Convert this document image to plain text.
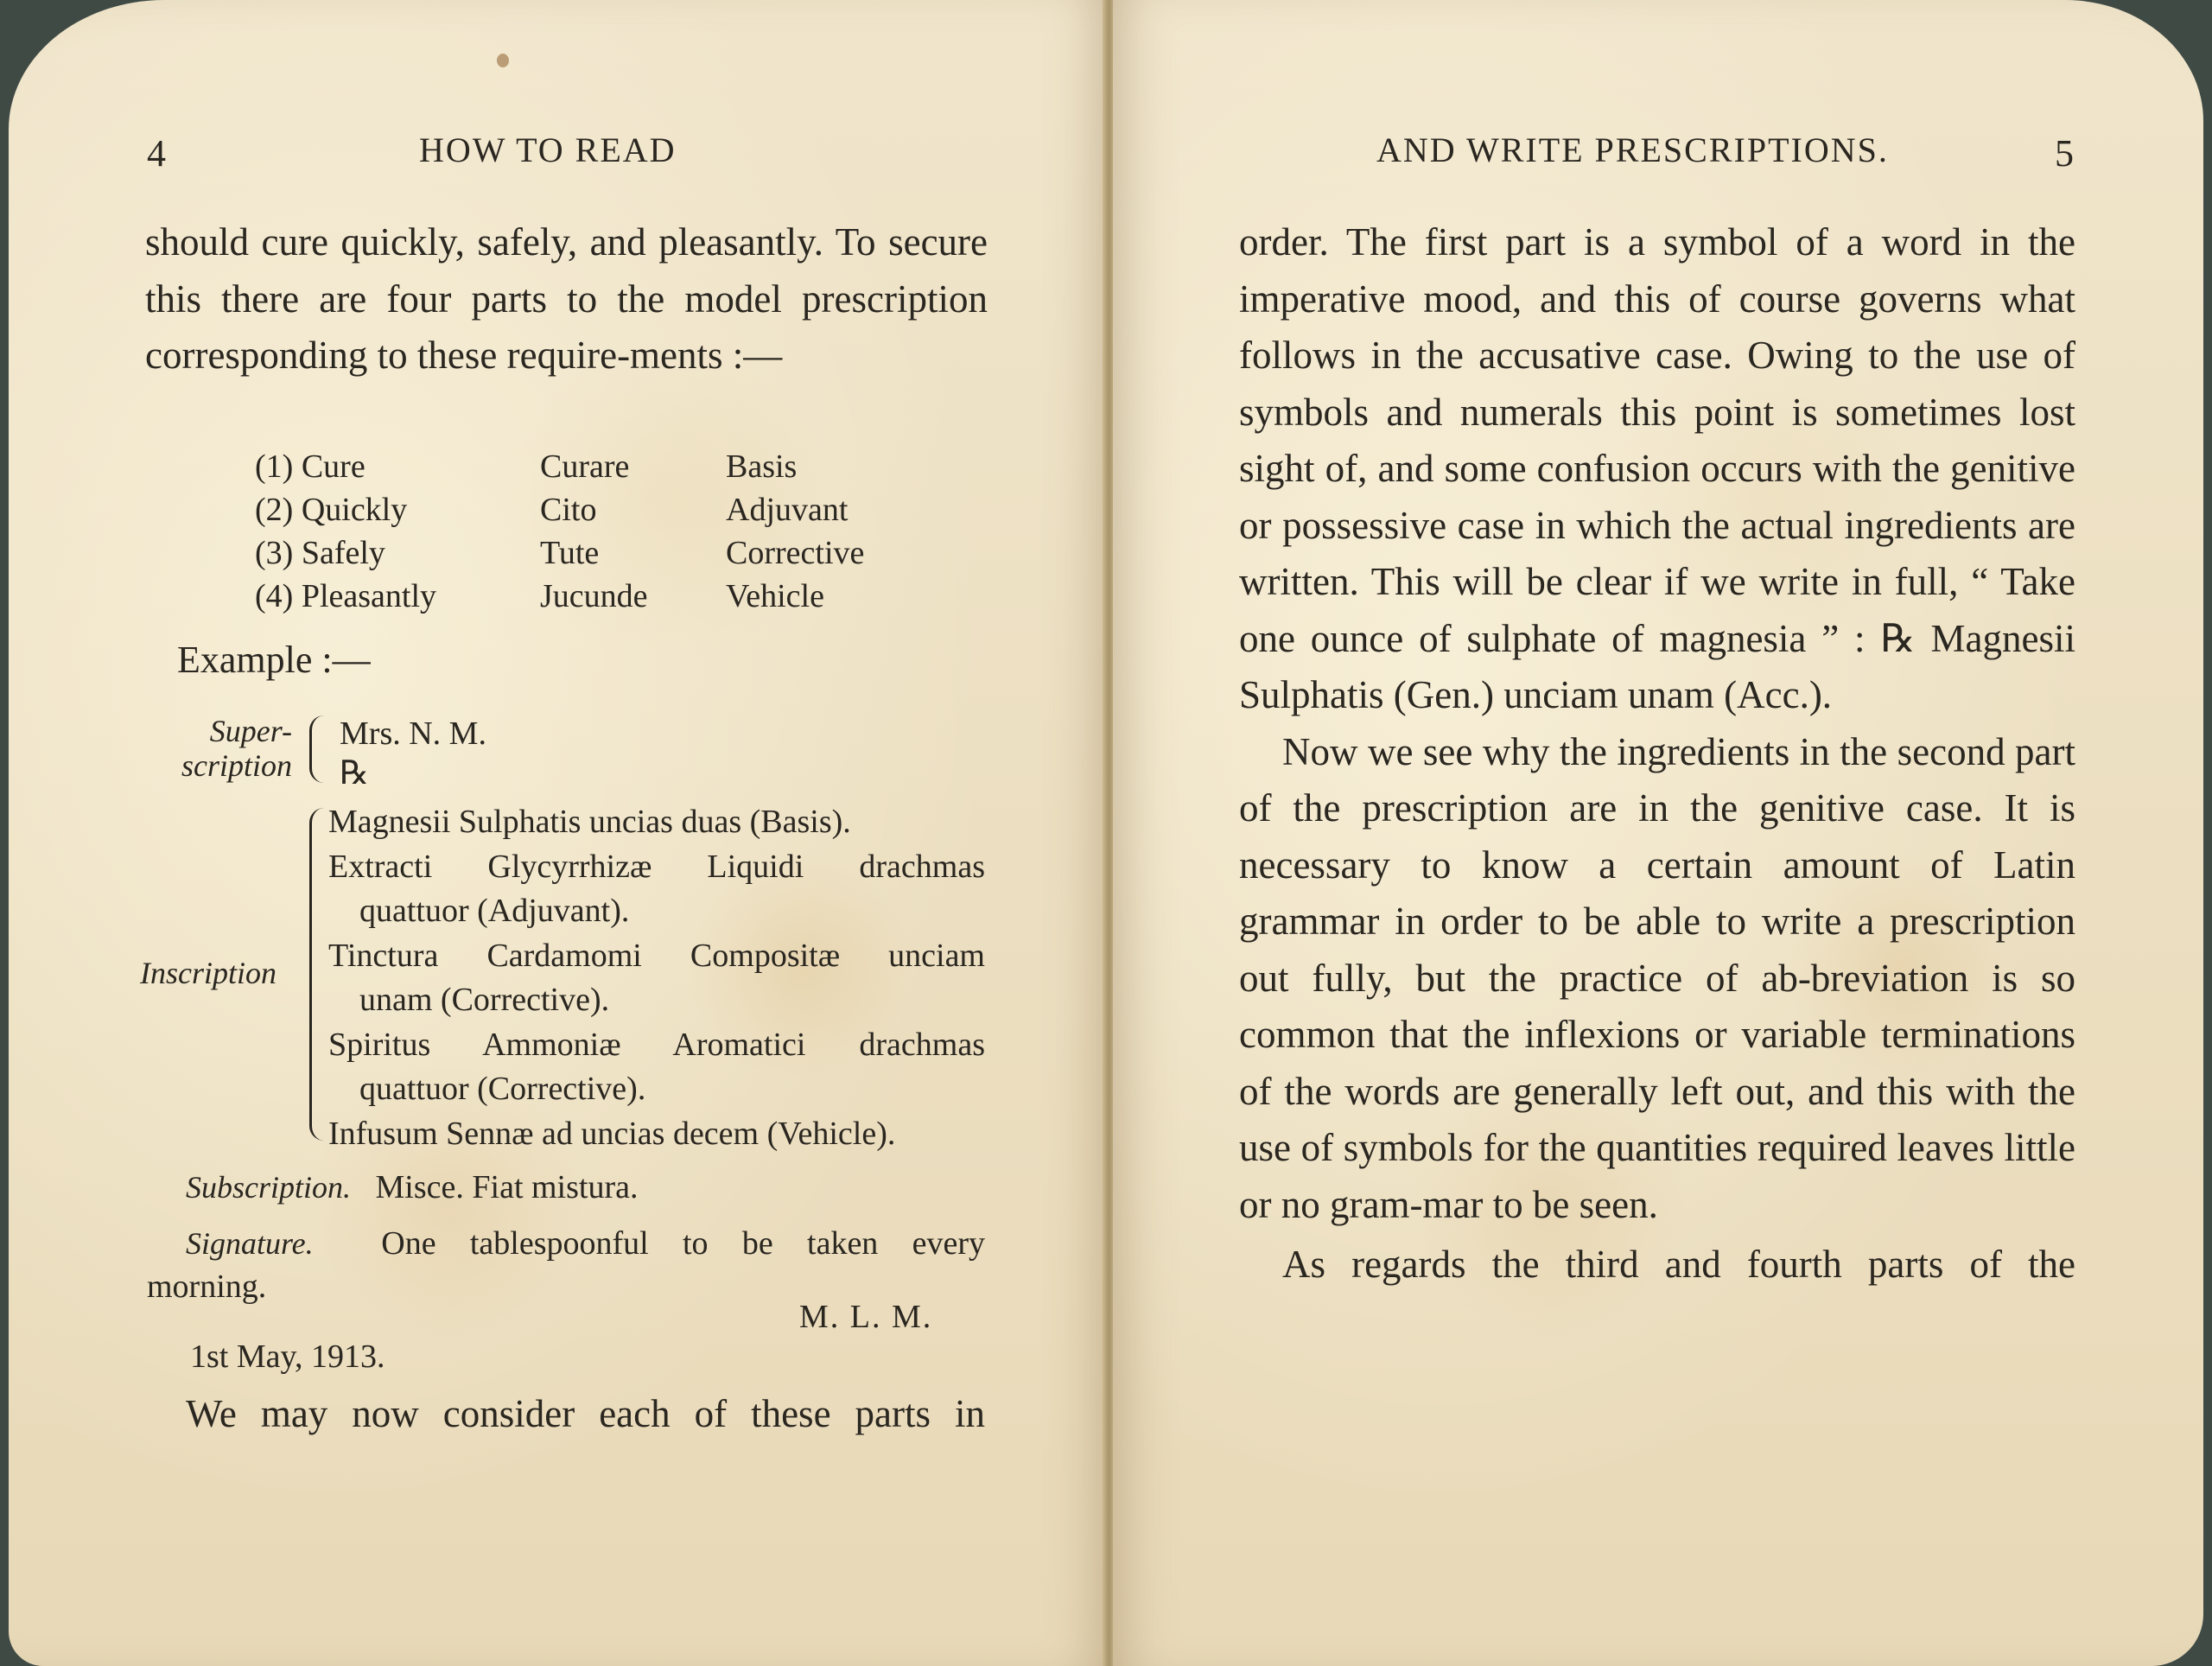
4	HOW TO READ

should cure quickly, safely, and pleasantly. To secure this there are four parts to the model prescription corresponding to these require-ments :—

(1) Cure	Curare	Basis
(2) Quickly	Cito	Adjuvant
(3) Safely	Tute	Corrective
(4) Pleasantly	Jucunde	Vehicle
Example :—
Super-
scription
Mrs. N. M.
℞
Inscription
Magnesii Sulphatis uncias duas (Basis).
Extracti Glycyrrhizæ Liquidi drachmas
quattuor (Adjuvant).
Tinctura Cardamomi Compositæ unciam
unam (Corrective).
Spiritus Ammoniæ Aromatici drachmas
quattuor (Corrective).
Infusum Sennæ ad uncias decem (Vehicle).
Subscription. Misce. Fiat mistura.
Signature. One tablespoonful to be taken every
morning.
M. L. M.
1st May, 1913.
We may now consider each of these parts in
AND WRITE PRESCRIPTIONS.	5

order. The first part is a symbol of a word in the imperative mood, and this of course governs what follows in the accusative case. Owing to the use of symbols and numerals this point is sometimes lost sight of, and some confusion occurs with the genitive or possessive case in which the actual ingredients are written. This will be clear if we write in full, “ Take one ounce of sulphate of magnesia ” : ℞ Magnesii Sulphatis (Gen.) unciam unam (Acc.).

Now we see why the ingredients in the second part of the prescription are in the genitive case. It is necessary to know a certain amount of Latin grammar in order to be able to write a prescription out fully, but the practice of ab-breviation is so common that the inflexions or variable terminations of the words are generally left out, and this with the use of symbols for the quantities required leaves little or no gram-mar to be seen.

As regards the third and fourth parts of the
